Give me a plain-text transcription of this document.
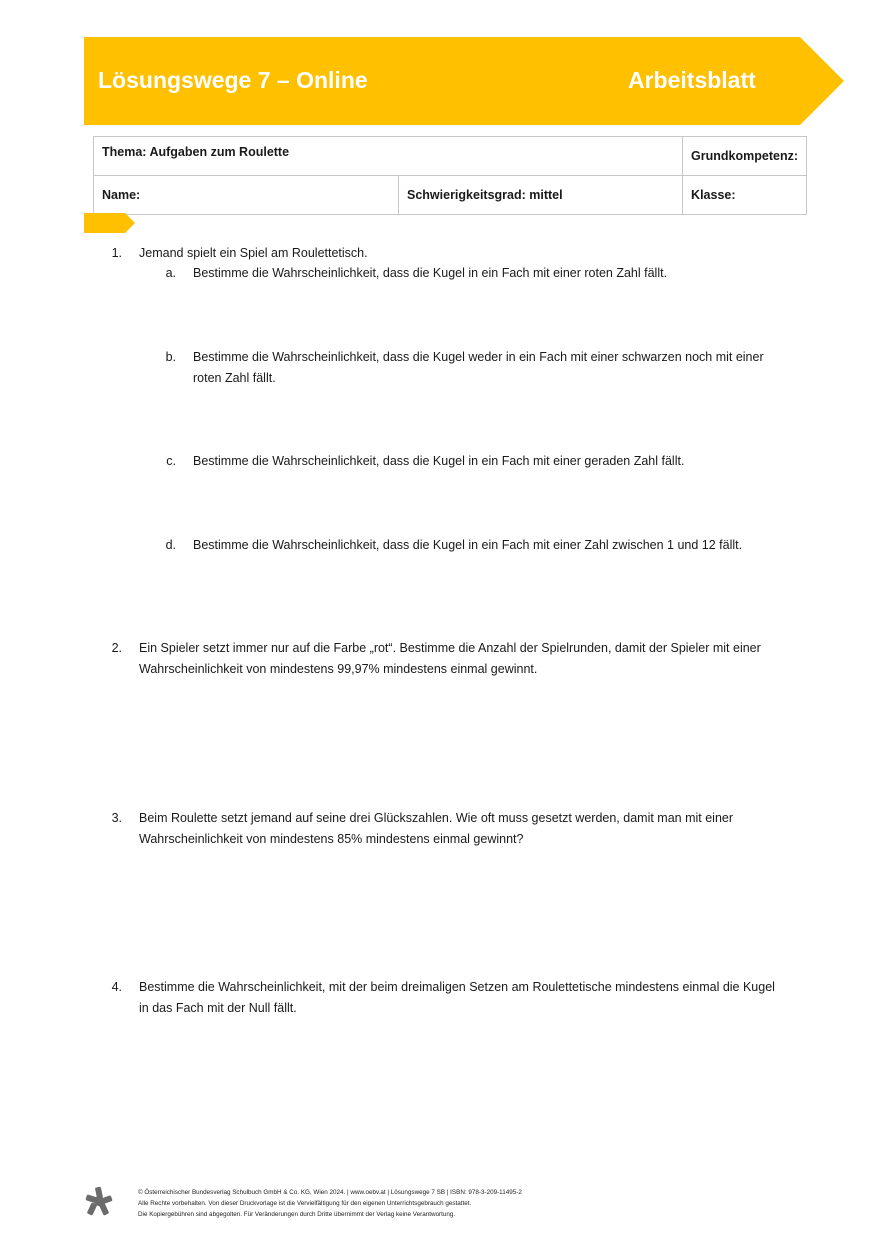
Lösungswege 7 – Online	Arbeitsblatt
Thema: Aufgaben zum Roulette		Grundkompetenz:
Name:	Schwierigkeitsgrad: mittel	Klasse:
1. Jemand spielt ein Spiel am Roulettetisch.
a. Bestimme die Wahrscheinlichkeit, dass die Kugel in ein Fach mit einer roten Zahl fällt.
b. Bestimme die Wahrscheinlichkeit, dass die Kugel weder in ein Fach mit einer schwarzen noch mit einer
roten Zahl fällt.
c. Bestimme die Wahrscheinlichkeit, dass die Kugel in ein Fach mit einer geraden Zahl fällt.
d. Bestimme die Wahrscheinlichkeit, dass die Kugel in ein Fach mit einer Zahl zwischen 1 und 12 fällt.
2. Ein Spieler setzt immer nur auf die Farbe „rot“. Bestimme die Anzahl der Spielrunden, damit der Spieler mit einer
Wahrscheinlichkeit von mindestens 99,97% mindestens einmal gewinnt.
3. Beim Roulette setzt jemand auf seine drei Glückszahlen. Wie oft muss gesetzt werden, damit man mit einer
Wahrscheinlichkeit von mindestens 85% mindestens einmal gewinnt?
4. Bestimme die Wahrscheinlichkeit, mit der beim dreimaligen Setzen am Roulettetische mindestens einmal die Kugel
in das Fach mit der Null fällt.
© Österreichischer Bundesverlag Schulbuch GmbH & Co. KG, Wien 2024. | www.oebv.at | Lösungswege 7 SB | ISBN: 978-3-209-11495-2
Alle Rechte vorbehalten. Von dieser Druckvorlage ist die Vervielfältigung für den eigenen Unterrichtsgebrauch gestattet.
Die Kopiergebühren sind abgegolten. Für Veränderungen durch Dritte übernimmt der Verlag keine Verantwortung.
